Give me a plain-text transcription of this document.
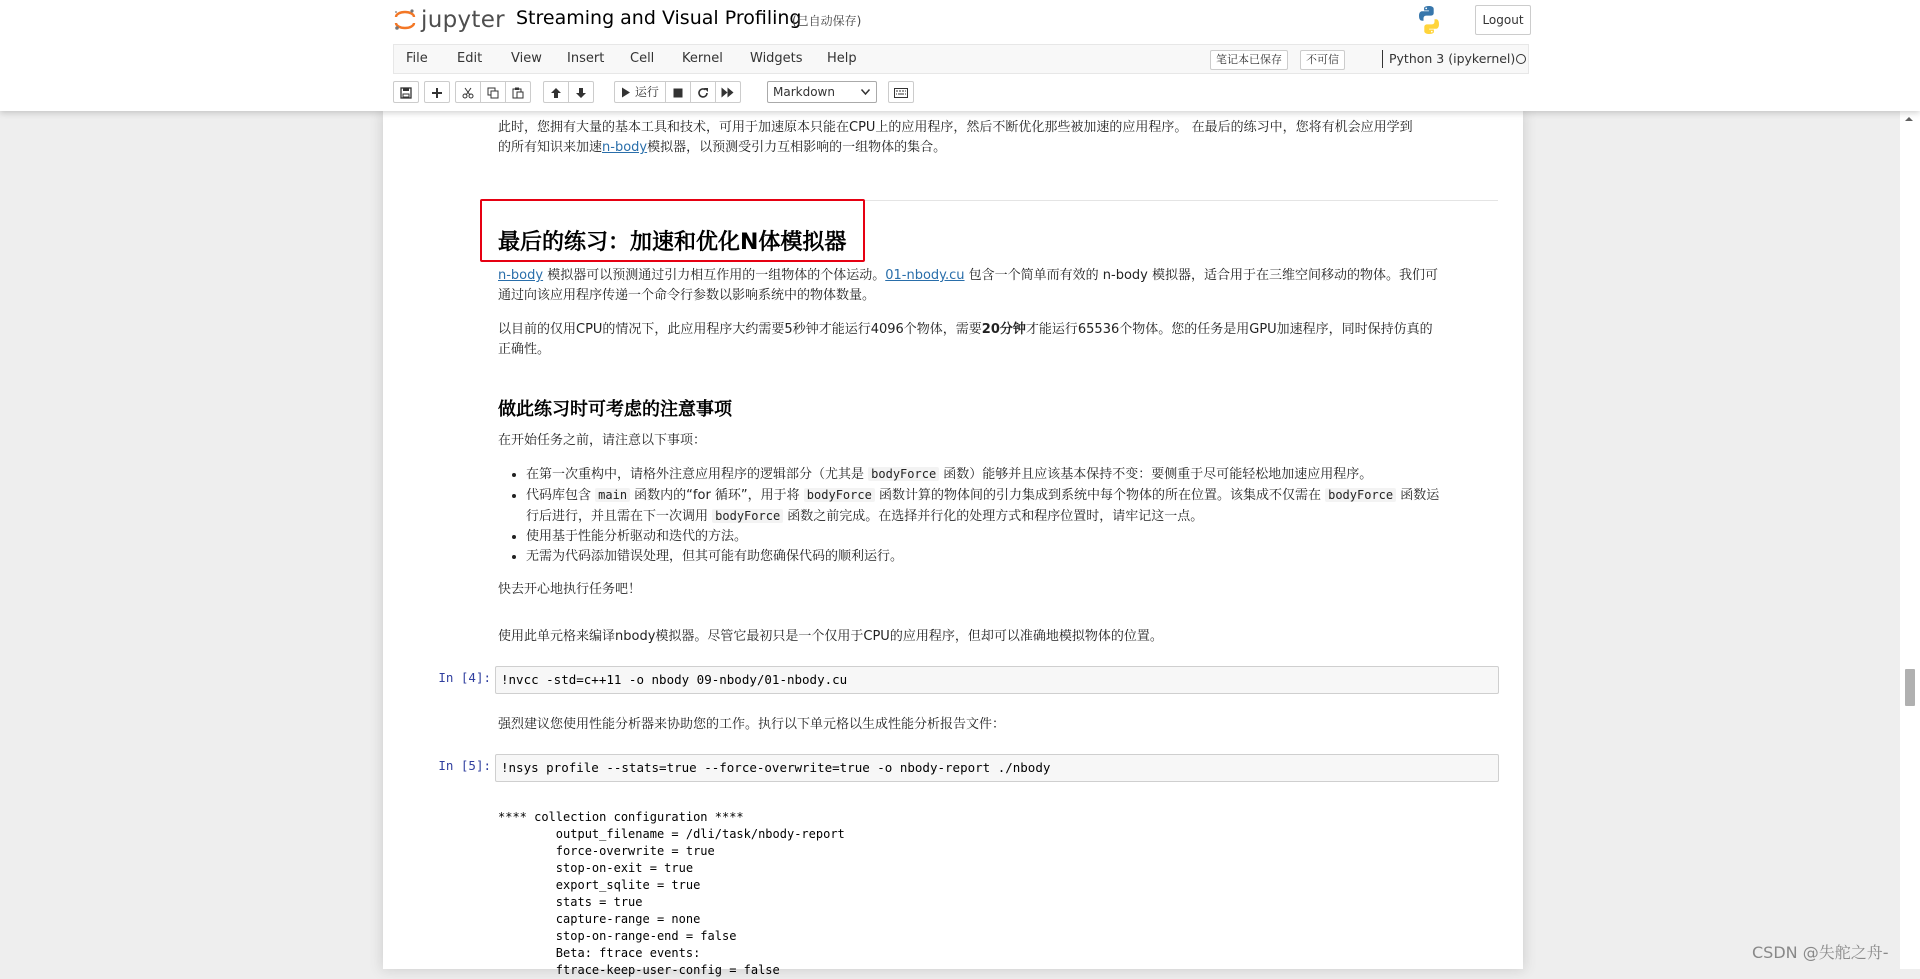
jupyter Streaming and Visual Profiling
(已自动保存)	Logout
File Edit View Insert Cell Kernel Widgets Help	笔记本已保存	不可信	Python 3 (ipykernel)
运行	Markdown
此时，您拥有大量的基本工具和技术，可用于加速原本只能在CPU上的应用程序，然后不断优化那些被加速的应用程序。 在最后的练习中，您将有机会应用学到
的所有知识来加速n-body模拟器，以预测受引力互相影响的一组物体的集合。
最后的练习：加速和优化N体模拟器
n-body 模拟器可以预测通过引力相互作用的一组物体的个体运动。01-nbody.cu 包含一个简单而有效的 n-body 模拟器，适合用于在三维空间移动的物体。我们可
通过向该应用程序传递一个命令行参数以影响系统中的物体数量。
以目前的仅用CPU的情况下，此应用程序大约需要5秒钟才能运行4096个物体，需要20分钟才能运行65536个物体。您的任务是用GPU加速程序，同时保持仿真的
正确性。
做此练习时可考虑的注意事项
在开始任务之前，请注意以下事项：
• 在第一次重构中，请格外注意应用程序的逻辑部分（尤其是 bodyForce 函数）能够并且应该基本保持不变：要侧重于尽可能轻松地加速应用程序。
• 代码库包含 main 函数内的“for 循环”，用于将 bodyForce 函数计算的物体间的引力集成到系统中每个物体的所在位置。该集成不仅需在 bodyForce 函数运
行后进行，并且需在下一次调用 bodyForce 函数之前完成。在选择并行化的处理方式和程序位置时，请牢记这一点。
• 使用基于性能分析驱动和迭代的方法。
• 无需为代码添加错误处理，但其可能有助您确保代码的顺利运行。
快去开心地执行任务吧！
使用此单元格来编译nbody模拟器。尽管它最初只是一个仅用于CPU的应用程序，但却可以准确地模拟物体的位置。
In [4]: !nvcc -std=c++11 -o nbody 09-nbody/01-nbody.cu
强烈建议您使用性能分析器来协助您的工作。执行以下单元格以生成性能分析报告文件：
In [5]: !nsys profile --stats=true --force-overwrite=true -o nbody-report ./nbody
**** collection configuration ****
output_filename = /dli/task/nbody-report
force-overwrite = true
stop-on-exit = true
export_sqlite = true
stats = true
capture-range = none
stop-on-range-end = false
Beta: ftrace events:
ftrace-keep-user-config = false
CSDN @失舵之舟-
